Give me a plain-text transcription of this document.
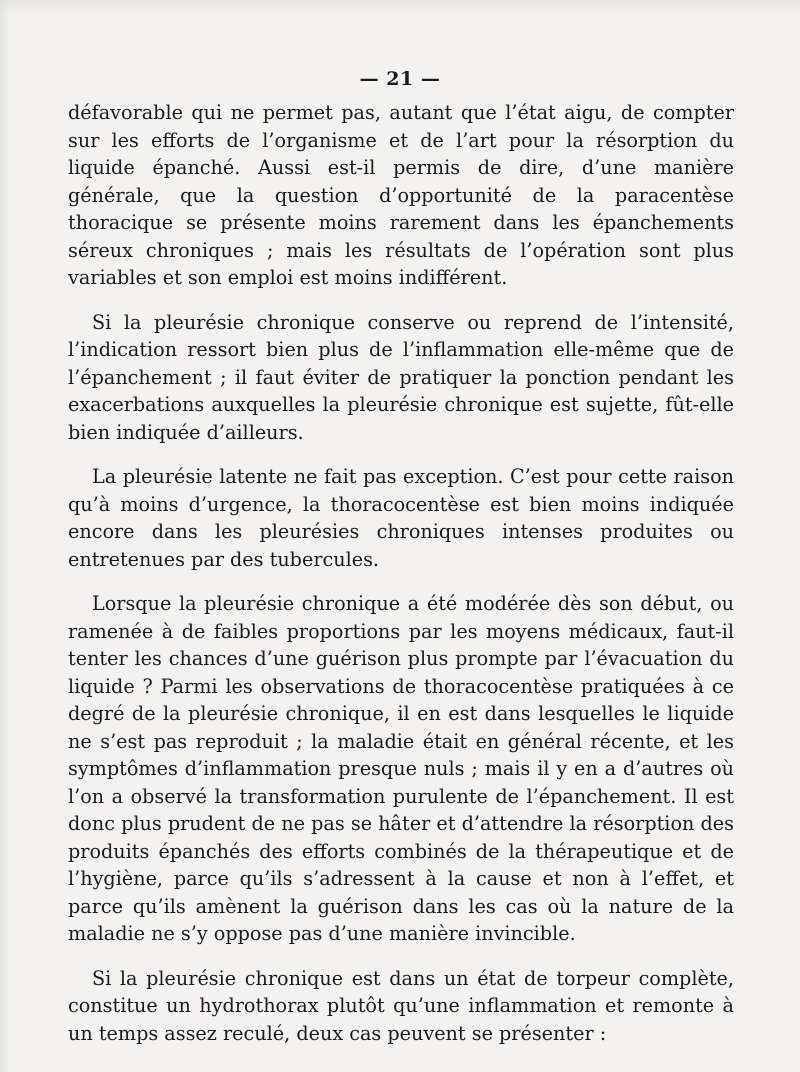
— 21 —

défavorable qui ne permet pas, autant que l’état aigu, de compter sur les efforts de l’organisme et de l’art pour la résorption du liquide épanché. Aussi est-il permis de dire, d’une manière générale, que la question d’opportunité de la paracentèse thoracique se présente moins rarement dans les épanchements séreux chroniques ; mais les résultats de l’opération sont plus variables et son emploi est moins indifférent.

Si la pleurésie chronique conserve ou reprend de l’intensité, l’indication ressort bien plus de l’inflammation elle-même que de l’épanchement ; il faut éviter de pratiquer la ponction pendant les exacerbations auxquelles la pleurésie chronique est sujette, fût-elle bien indiquée d’ailleurs.

La pleurésie latente ne fait pas exception. C’est pour cette raison qu’à moins d’urgence, la thoracocentèse est bien moins indiquée encore dans les pleurésies chroniques intenses produites ou entretenues par des tubercules.

Lorsque la pleurésie chronique a été modérée dès son début, ou ramenée à de faibles proportions par les moyens médicaux, faut-il tenter les chances d’une guérison plus prompte par l’évacuation du liquide ? Parmi les observations de thoracocentèse pratiquées à ce degré de la pleurésie chronique, il en est dans lesquelles le liquide ne s’est pas reproduit ; la maladie était en général récente, et les symptômes d’inflammation presque nuls ; mais il y en a d’autres où l’on a observé la transformation purulente de l’épanchement. Il est donc plus prudent de ne pas se hâter et d’attendre la résorption des produits épanchés des efforts combinés de la thérapeutique et de l’hygiène, parce qu’ils s’adressent à la cause et non à l’effet, et parce qu’ils amènent la guérison dans les cas où la nature de la maladie ne s’y oppose pas d’une manière invincible.

Si la pleurésie chronique est dans un état de torpeur complète, constitue un hydrothorax plutôt qu’une inflammation et remonte à un temps assez reculé, deux cas peuvent se présenter :
